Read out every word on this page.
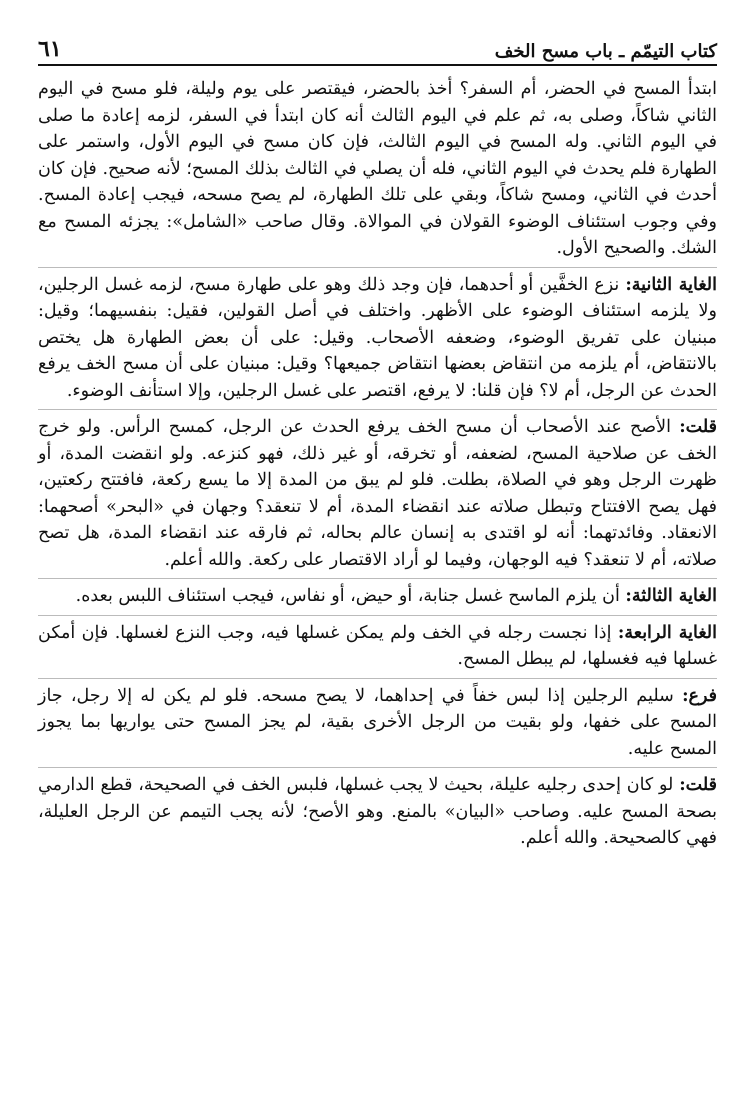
كتاب التيمّم ـ باب مسح الخف
٦١

ابتدأ المسح في الحضر، أم السفر؟ أخذ بالحضر، فيقتصر على يوم وليلة، فلو مسح في اليوم الثاني شاكاً، وصلى به، ثم علم في اليوم الثالث أنه كان ابتدأ في السفر، لزمه إعادة ما صلى في اليوم الثاني. وله المسح في اليوم الثالث، فإن كان مسح في اليوم الأول، واستمر على الطهارة فلم يحدث في اليوم الثاني، فله أن يصلي في الثالث بذلك المسح؛ لأنه صحيح. فإن كان أحدث في الثاني، ومسح شاكاً، وبقي على تلك الطهارة، لم يصح مسحه، فيجب إعادة المسح. وفي وجوب استئناف الوضوء القولان في الموالاة. وقال صاحب «الشامل»: يجزئه المسح مع الشك. والصحيح الأول.

الغاية الثانية: نزع الخفَّين أو أحدهما، فإن وجد ذلك وهو على طهارة مسح، لزمه غسل الرجلين، ولا يلزمه استئناف الوضوء على الأظهر. واختلف في أصل القولين، فقيل: بنفسيهما؛ وقيل: مبنيان على تفريق الوضوء، وضعفه الأصحاب. وقيل: على أن بعض الطهارة هل يختص بالانتقاض، أم يلزمه من انتقاض بعضها انتقاض جميعها؟ وقيل: مبنيان على أن مسح الخف يرفع الحدث عن الرجل، أم لا؟ فإن قلنا: لا يرفع، اقتصر على غسل الرجلين، وإلا استأنف الوضوء.

قلت: الأصح عند الأصحاب أن مسح الخف يرفع الحدث عن الرجل، كمسح الرأس. ولو خرج الخف عن صلاحية المسح، لضعفه، أو تخرقه، أو غير ذلك، فهو كنزعه. ولو انقضت المدة، أو ظهرت الرجل وهو في الصلاة، بطلت. فلو لم يبق من المدة إلا ما يسع ركعة، فافتتح ركعتين، فهل يصح الافتتاح وتبطل صلاته عند انقضاء المدة، أم لا تنعقد؟ وجهان في «البحر» أصحهما: الانعقاد. وفائدتهما: أنه لو اقتدى به إنسان عالم بحاله، ثم فارقه عند انقضاء المدة، هل تصح صلاته، أم لا تنعقد؟ فيه الوجهان، وفيما لو أراد الاقتصار على ركعة. والله أعلم.

الغاية الثالثة: أن يلزم الماسح غسل جنابة، أو حيض، أو نفاس، فيجب استئناف اللبس بعده.

الغاية الرابعة: إذا نجست رجله في الخف ولم يمكن غسلها فيه، وجب النزع لغسلها. فإن أمكن غسلها فيه فغسلها، لم يبطل المسح.

فرع: سليم الرجلين إذا لبس خفاً في إحداهما، لا يصح مسحه. فلو لم يكن له إلا رجل، جاز المسح على خفها، ولو بقيت من الرجل الأخرى بقية، لم يجز المسح حتى يواريها بما يجوز المسح عليه.

قلت: لو كان إحدى رجليه عليلة، بحيث لا يجب غسلها، فلبس الخف في الصحيحة، قطع الدارمي بصحة المسح عليه. وصاحب «البيان» بالمنع. وهو الأصح؛ لأنه يجب التيمم عن الرجل العليلة، فهي كالصحيحة. والله أعلم.
